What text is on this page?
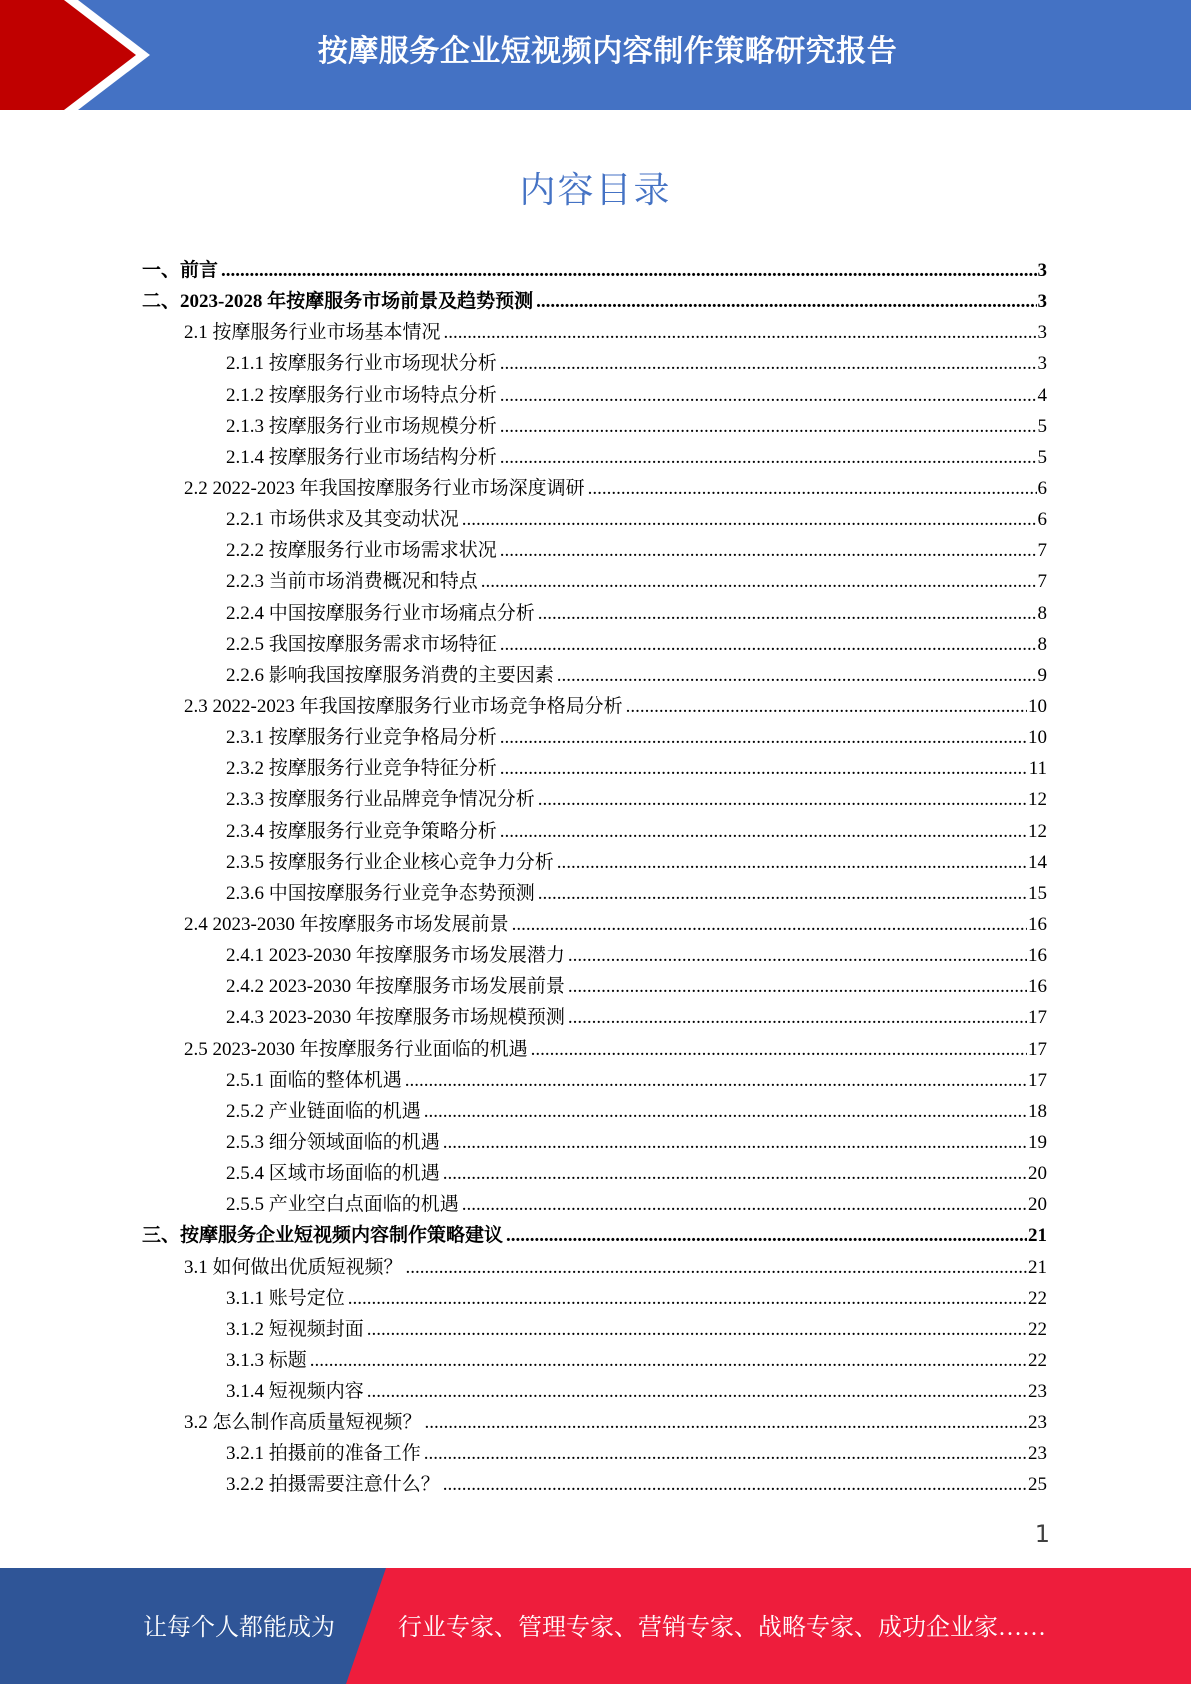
按摩服务企业短视频内容制作策略研究报告
内容目录
一、前言 .....	3
二、2023-2028 年按摩服务市场前景及趋势预测 .....	3
2.1 按摩服务行业市场基本情况 .....	3
2.1.1 按摩服务行业市场现状分析 .....	3
2.1.2 按摩服务行业市场特点分析 .....	4
2.1.3 按摩服务行业市场规模分析 .....	5
2.1.4 按摩服务行业市场结构分析 .....	5
2.2 2022-2023 年我国按摩服务行业市场深度调研 .....	6
2.2.1 市场供求及其变动状况 .....	6
2.2.2 按摩服务行业市场需求状况 .....	7
2.2.3 当前市场消费概况和特点 .....	7
2.2.4 中国按摩服务行业市场痛点分析 .....	8
2.2.5 我国按摩服务需求市场特征 .....	8
2.2.6 影响我国按摩服务消费的主要因素 .....	9
2.3 2022-2023 年我国按摩服务行业市场竞争格局分析 .....	10
2.3.1 按摩服务行业竞争格局分析 .....	10
2.3.2 按摩服务行业竞争特征分析 .....	11
2.3.3 按摩服务行业品牌竞争情况分析 .....	12
2.3.4 按摩服务行业竞争策略分析 .....	12
2.3.5 按摩服务行业企业核心竞争力分析 .....	14
2.3.6 中国按摩服务行业竞争态势预测 .....	15
2.4 2023-2030 年按摩服务市场发展前景 .....	16
2.4.1 2023-2030 年按摩服务市场发展潜力 .....	16
2.4.2 2023-2030 年按摩服务市场发展前景 .....	16
2.4.3 2023-2030 年按摩服务市场规模预测 .....	17
2.5 2023-2030 年按摩服务行业面临的机遇 .....	17
2.5.1 面临的整体机遇 .....	17
2.5.2 产业链面临的机遇 .....	18
2.5.3 细分领域面临的机遇 .....	19
2.5.4 区域市场面临的机遇 .....	20
2.5.5 产业空白点面临的机遇 .....	20
三、按摩服务企业短视频内容制作策略建议 .....	21
3.1 如何做出优质短视频？ .....	21
3.1.1 账号定位 .....	22
3.1.2 短视频封面 .....	22
3.1.3 标题 .....	22
3.1.4 短视频内容 .....	23
3.2 怎么制作高质量短视频？ .....	23
3.2.1 拍摄前的准备工作 .....	23
3.2.2 拍摄需要注意什么？ .....	25
1
让每个人都能成为	行业专家、管理专家、营销专家、战略专家、成功企业家……
